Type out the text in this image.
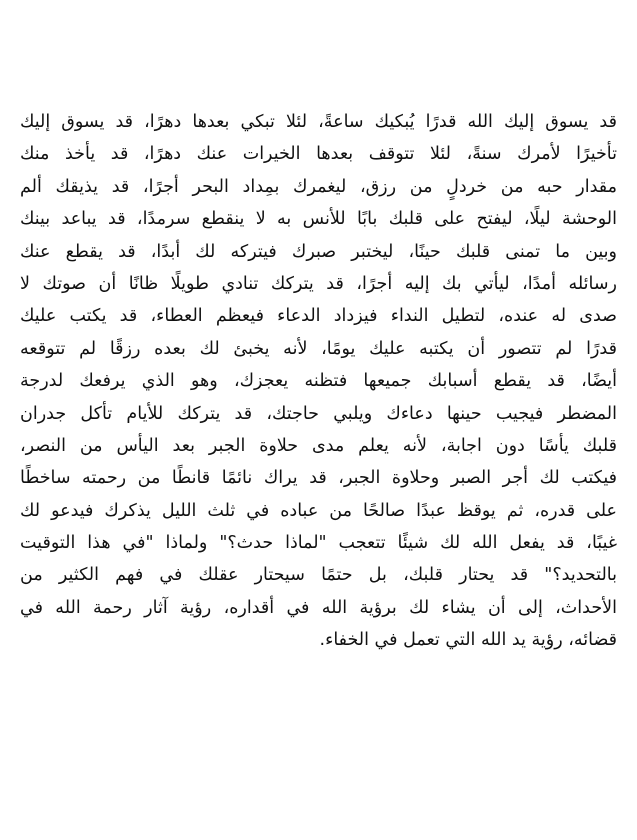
قد يسوق إليك الله قدرًا يُبكيك ساعةً، لئلا تبكي بعدها دهرًا، قد يسوق إليك
تأخيرًا لأمرك سنةً، لئلا تتوقف بعدها الخيرات عنك دهرًا، قد يأخذ منك
مقدار حبه من خردلٍ من رزق، ليغمرك بمِداد البحر أجرًا، قد يذيقك ألم
الوحشة ليلًا، ليفتح على قلبك بابًا للأنس به لا ينقطع سرمدًا، قد يباعد بينك
وبين ما تمنى قلبك حينًا، ليختبر صبرك فيتركه لك أبدًا، قد يقطع عنك
رسائله أمدًا، ليأتي بك إليه أجرًا، قد يتركك تنادي طويلًا ظانًا أن صوتك لا
صدى له عنده، لتطيل النداء فيزداد الدعاء فيعظم العطاء، قد يكتب عليك
قدرًا لم تتصور أن يكتبه عليك يومًا، لأنه يخبئ لك بعده رزقًا لم تتوقعه
أيضًا، قد يقطع أسبابك جميعها فتظنه يعجزك، وهو الذي يرفعك لدرجة
المضطر فيجيب حينها دعاءك ويلبي حاجتك، قد يتركك للأيام تأكل جدران
قلبك يأسًا دون اجابة، لأنه يعلم مدى حلاوة الجبر بعد اليأس من النصر،
فيكتب لك أجر الصبر وحلاوة الجبر، قد يراك نائمًا قانطًا من رحمته ساخطًا
على قدره، ثم يوقظ عبدًا صالحًا من عباده في ثلث الليل يذكرك فيدعو لك
غيبًا، قد يفعل الله لك شيئًا تتعجب "لماذا حدث؟" ولماذا "في هذا التوقيت
بالتحديد؟" قد يحتار قلبك، بل حتمًا سيحتار عقلك في فهم الكثير من
الأحداث، إلى أن يشاء لك برؤية الله في أقداره، رؤية آثار رحمة الله في
قضائه، رؤية يد الله التي تعمل في الخفاء.
